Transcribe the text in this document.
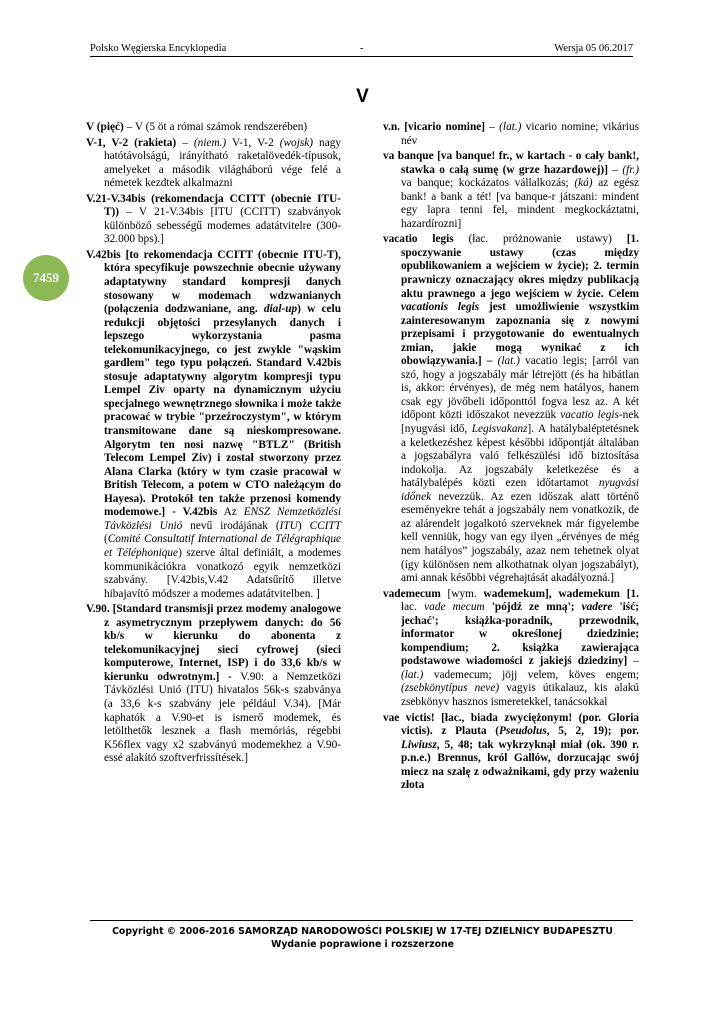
Polsko Węgierska Encyklopedia	-	Wersja 05 06.2017
V
7459
V (pięć) – V (5 öt a római számok rendszerében)
V-1, V-2 (rakieta) – (niem.) V-1, V-2 (wojsk) nagy hatótávolságú, irányítható raketalövedék-típusok, amelyeket a második világháború vége felé a németek kezdtek alkalmazni
V.21-V.34bis (rekomendacja CCITT (obecnie ITU-T)) – V 21-V.34bis [ITU (CCITT) szabványok különböző sebességű modemes adatátvitelre (300-32.000 bps).]
V.42bis [to rekomendacja CCITT (obecnie ITU-T), która specyfikuje powszechnie obecnie używany adaptatywny standard kompresji danych stosowany w modemach wdzwanianych (połączenia dodzwaniane, ang. dial-up) w celu redukcji objętości przesyłanych danych i lepszego wykorzystania pasma telekomunikacyjnego, co jest zwykle "wąskim gardłem" tego typu połączeń. Standard V.42bis stosuje adaptatywny algorytm kompresji typu Lempel Ziv oparty na dynamicznym użyciu specjalnego wewnętrznego słownika i może także pracować w trybie "przeźroczystym", w którym transmitowane dane są nieskompresowane. Algorytm ten nosi nazwę "BTLZ" (British Telecom Lempel Ziv) i został stworzony przez Alana Clarka (który w tym czasie pracował w British Telecom, a potem w CTO należącym do Hayesa). Protokół ten także przenosi komendy modemowe.] - V.42bis Az ENSZ Nemzetközlési Távközlési Unió nevű irodájának (ITU) CCITT (Comité Consultatif International de Télégraphique et Téléphonique) szerve által definiált, a modemes kommunikációkra vonatkozó egyik nemzetközi szabvány. [V.42bis,V.42 Adatsűrítő illetve hibajavító módszer a modemes adatátvitelben. ]
V.90. [Standard transmisji przez modemy analogowe z asymetrycznym przepływem danych: do 56 kb/s w kierunku do abonenta z telekomunikacyjnej sieci cyfrowej (sieci komputerowe, Internet, ISP) i do 33,6 kb/s w kierunku odwrotnym.] - V.90: a Nemzetközi Távközlési Unió (ITU) hivatalos 56k-s szabványa (a 33,6 k-s szabvány jele például V.34). [Már kaphatók a V.90-et is ismerő modemek, és letölthetők lesznek a flash memóriás, régebbi K56flex vagy x2 szabványú modemekhez a V.90-essé alakító szoftverfrissítések.]
v.n. [vicario nomine] – (lat.) vicario nomine; vikárius név
va banque [va banque! fr., w kartach - o cały bank!, stawka o całą sumę (w grze hazardowej)] – (fr.) va banque; kockázatos vállalkozás; (ká) az egész bank! a bank a tét! [va banque-r játszani: mindent egy lapra tenni fel, mindent megkockáztatni, hazardírozni]
vacatio legis (łac. próżnowanie ustawy) [1. spoczywanie ustawy (czas między opublikowaniem a wejściem w życie); 2. termin prawniczy oznaczający okres między publikacją aktu prawnego a jego wejściem w życie. Celem vacationis legis jest umożliwienie wszystkim zainteresowanym zapoznania się z nowymi przepisami i przygotowanie do ewentualnych zmian, jakie mogą wynikać z ich obowiązywania.] – (lat.) vacatio legis; [arról van szó, hogy a jogszabály már létrejött (és ha hibátlan is, akkor: érvényes), de még nem hatályos, hanem csak egy jövőbeli időponttól fogva lesz az. A két időpont közti időszakot nevezzük vacatio legis-nek [nyugvási idő, Legisvakanz]. A hatálybaléptetésnek a keletkezéshez képest későbbi időpontját általában a jogszabályra való felkészülési idő biztosítása indokolja. Az jogszabály keletkezése és a hatálybalépés közti ezen időtartamot nyugvási időnek nevezzük. Az ezen időszak alatt történő eseményekre tehát a jogszabály nem vonatkozik, de az alárendelt jogalkotó szerveknek már figyelembe kell venniük, hogy van egy ilyen „érvényes de még nem hatályos” jogszabály, azaz nem tehetnek olyat (így különösen nem alkothatnak olyan jogszabályt), ami annak későbbi végrehajtását akadályozná.]
vademecum [wym. wademekum], wademekum [1. łac. vade mecum 'pójdź ze mną'; vadere 'iść; jechać'; książka-poradnik, przewodnik, informator w określonej dziedzinie; kompendium; 2. książka zawierająca podstawowe wiadomości z jakiejś dziedziny] – (lat.) vademecum; jöjj velem, köves engem; (zsebkönytípus neve) vagyis útikalauz, kis alakú zsebkönyv hasznos ismeretekkel, tanácsokkal
vae victis! [łac., biada zwyciężonym! (por. Gloria victis). z Plauta (Pseudolus, 5, 2, 19); por. Liwiusz, 5, 48; tak wykrzyknął miał (ok. 390 r. p.n.e.) Brennus, król Gallów, dorzucając swój miecz na szalę z odważnikami, gdy przy ważeniu złota
Copyright © 2006-2016 SAMORZĄD NARODOWOŚCI POLSKIEJ W 17-TEJ DZIELNICY BUDAPESZTU
Wydanie poprawione i rozszerzone
